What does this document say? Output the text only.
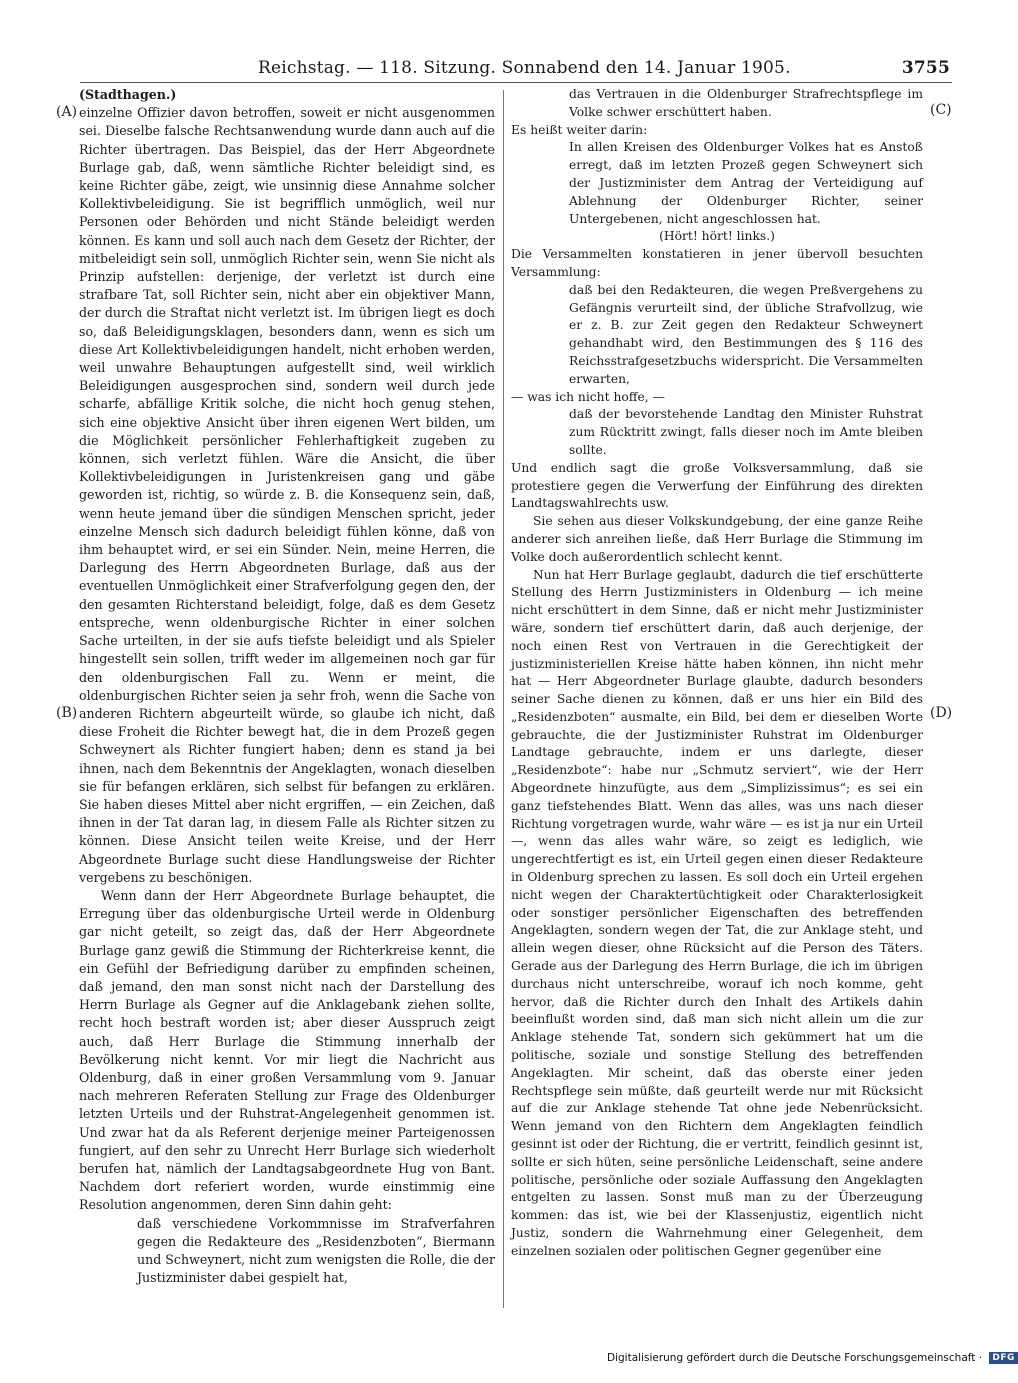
Reichstag. — 118. Sitzung. Sonnabend den 14. Januar 1905.	3755
(A)
(B)
(C)
(D)

(Stadthagen.)

einzelne Offizier davon betroffen, soweit er nicht ausgenommen sei. Dieselbe falsche Rechtsanwendung wurde dann auch auf die Richter übertragen. Das Beispiel, das der Herr Abgeordnete Burlage gab, daß, wenn sämtliche Richter beleidigt sind, es keine Richter gäbe, zeigt, wie unsinnig diese Annahme solcher Kollektivbeleidigung. Sie ist begrifflich unmöglich, weil nur Personen oder Behörden und nicht Stände beleidigt werden können. Es kann und soll auch nach dem Gesetz der Richter, der mitbeleidigt sein soll, unmöglich Richter sein, wenn Sie nicht als Prinzip aufstellen: derjenige, der verletzt ist durch eine strafbare Tat, soll Richter sein, nicht aber ein objektiver Mann, der durch die Straftat nicht verletzt ist. Im übrigen liegt es doch so, daß Beleidigungsklagen, besonders dann, wenn es sich um diese Art Kollektivbeleidigungen handelt, nicht erhoben werden, weil unwahre Behauptungen aufgestellt sind, weil wirklich Beleidigungen ausgesprochen sind, sondern weil durch jede scharfe, abfällige Kritik solche, die nicht hoch genug stehen, sich eine objektive Ansicht über ihren eigenen Wert bilden, um die Möglichkeit persönlicher Fehlerhaftigkeit zugeben zu können, sich verletzt fühlen. Wäre die Ansicht, die über Kollektivbeleidigungen in Juristenkreisen gang und gäbe geworden ist, richtig, so würde z. B. die Konsequenz sein, daß, wenn heute jemand über die sündigen Menschen spricht, jeder einzelne Mensch sich dadurch beleidigt fühlen könne, daß von ihm behauptet wird, er sei ein Sünder. Nein, meine Herren, die Darlegung des Herrn Abgeordneten Burlage, daß aus der eventuellen Unmöglichkeit einer Strafverfolgung gegen den, der den gesamten Richterstand beleidigt, folge, daß es dem Gesetz entspreche, wenn oldenburgische Richter in einer solchen Sache urteilten, in der sie aufs tiefste beleidigt und als Spieler hingestellt sein sollen, trifft weder im allgemeinen noch gar für den oldenburgischen Fall zu. Wenn er meint, die oldenburgischen Richter seien ja sehr froh, wenn die Sache von anderen Richtern abgeurteilt würde, so glaube ich nicht, daß diese Froheit die Richter bewegt hat, die in dem Prozeß gegen Schweynert als Richter fungiert haben; denn es stand ja bei ihnen, nach dem Bekenntnis der Angeklagten, wonach dieselben sie für befangen erklären, sich selbst für befangen zu erklären. Sie haben dieses Mittel aber nicht ergriffen, — ein Zeichen, daß ihnen in der Tat daran lag, in diesem Falle als Richter sitzen zu können. Diese Ansicht teilen weite Kreise, und der Herr Abgeordnete Burlage sucht diese Handlungsweise der Richter vergebens zu beschönigen.

Wenn dann der Herr Abgeordnete Burlage behauptet, die Erregung über das oldenburgische Urteil werde in Oldenburg gar nicht geteilt, so zeigt das, daß der Herr Abgeordnete Burlage ganz gewiß die Stimmung der Richterkreise kennt, die ein Gefühl der Befriedigung darüber zu empfinden scheinen, daß jemand, den man sonst nicht nach der Darstellung des Herrn Burlage als Gegner auf die Anklagebank ziehen sollte, recht hoch bestraft worden ist; aber dieser Ausspruch zeigt auch, daß Herr Burlage die Stimmung innerhalb der Bevölkerung nicht kennt. Vor mir liegt die Nachricht aus Oldenburg, daß in einer großen Versammlung vom 9. Januar nach mehreren Referaten Stellung zur Frage des Oldenburger letzten Urteils und der Ruhstrat-Angelegenheit genommen ist. Und zwar hat da als Referent derjenige meiner Parteigenossen fungiert, auf den sehr zu Unrecht Herr Burlage sich wiederholt berufen hat, nämlich der Landtagsabgeordnete Hug von Bant. Nachdem dort referiert worden, wurde einstimmig eine Resolution angenommen, deren Sinn dahin geht:

daß verschiedene Vorkommnisse im Strafverfahren gegen die Redakteure des „Residenzboten“, Biermann und Schweynert, nicht zum wenigsten die Rolle, die der Justizminister dabei gespielt hat,

das Vertrauen in die Oldenburger Strafrechtspflege im Volke schwer erschüttert haben.

Es heißt weiter darin:

In allen Kreisen des Oldenburger Volkes hat es Anstoß erregt, daß im letzten Prozeß gegen Schweynert sich der Justizminister dem Antrag der Verteidigung auf Ablehnung der Oldenburger Richter, seiner Untergebenen, nicht angeschlossen hat.

(Hört! hört! links.)

Die Versammelten konstatieren in jener übervoll besuchten Versammlung:

daß bei den Redakteuren, die wegen Preßvergehens zu Gefängnis verurteilt sind, der übliche Strafvollzug, wie er z. B. zur Zeit gegen den Redakteur Schweynert gehandhabt wird, den Bestimmungen des § 116 des Reichsstrafgesetzbuchs widerspricht. Die Versammelten erwarten,

— was ich nicht hoffe, —

daß der bevorstehende Landtag den Minister Ruhstrat zum Rücktritt zwingt, falls dieser noch im Amte bleiben sollte.

Und endlich sagt die große Volksversammlung, daß sie protestiere gegen die Verwerfung der Einführung des direkten Landtagswahlrechts usw.

Sie sehen aus dieser Volkskundgebung, der eine ganze Reihe anderer sich anreihen ließe, daß Herr Burlage die Stimmung im Volke doch außerordentlich schlecht kennt.

Nun hat Herr Burlage geglaubt, dadurch die tief erschütterte Stellung des Herrn Justizministers in Oldenburg — ich meine nicht erschüttert in dem Sinne, daß er nicht mehr Justizminister wäre, sondern tief erschüttert darin, daß auch derjenige, der noch einen Rest von Vertrauen in die Gerechtigkeit der justizministeriellen Kreise hätte haben können, ihn nicht mehr hat — Herr Abgeordneter Burlage glaubte, dadurch besonders seiner Sache dienen zu können, daß er uns hier ein Bild des „Residenzboten“ ausmalte, ein Bild, bei dem er dieselben Worte gebrauchte, die der Justizminister Ruhstrat im Oldenburger Landtage gebrauchte, indem er uns darlegte, dieser „Residenzbote“: habe nur „Schmutz serviert“, wie der Herr Abgeordnete hinzufügte, aus dem „Simplizissimus“; es sei ein ganz tiefstehendes Blatt. Wenn das alles, was uns nach dieser Richtung vorgetragen wurde, wahr wäre — es ist ja nur ein Urteil —, wenn das alles wahr wäre, so zeigt es lediglich, wie ungerechtfertigt es ist, ein Urteil gegen einen dieser Redakteure in Oldenburg sprechen zu lassen. Es soll doch ein Urteil ergehen nicht wegen der Charaktertüchtigkeit oder Charakterlosigkeit oder sonstiger persönlicher Eigenschaften des betreffenden Angeklagten, sondern wegen der Tat, die zur Anklage steht, und allein wegen dieser, ohne Rücksicht auf die Person des Täters. Gerade aus der Darlegung des Herrn Burlage, die ich im übrigen durchaus nicht unterschreibe, worauf ich noch komme, geht hervor, daß die Richter durch den Inhalt des Artikels dahin beeinflußt worden sind, daß man sich nicht allein um die zur Anklage stehende Tat, sondern sich gekümmert hat um die politische, soziale und sonstige Stellung des betreffenden Angeklagten. Mir scheint, daß das oberste einer jeden Rechtspflege sein müßte, daß geurteilt werde nur mit Rücksicht auf die zur Anklage stehende Tat ohne jede Nebenrücksicht. Wenn jemand von den Richtern dem Angeklagten feindlich gesinnt ist oder der Richtung, die er vertritt, feindlich gesinnt ist, sollte er sich hüten, seine persönliche Leidenschaft, seine andere politische, persönliche oder soziale Auffassung den Angeklagten entgelten zu lassen. Sonst muß man zu der Überzeugung kommen: das ist, wie bei der Klassenjustiz, eigentlich nicht Justiz, sondern die Wahrnehmung einer Gelegenheit, dem einzelnen sozialen oder politischen Gegner gegenüber eine

Digitalisierung gefördert durch die Deutsche Forschungsgemeinschaft · DFG
